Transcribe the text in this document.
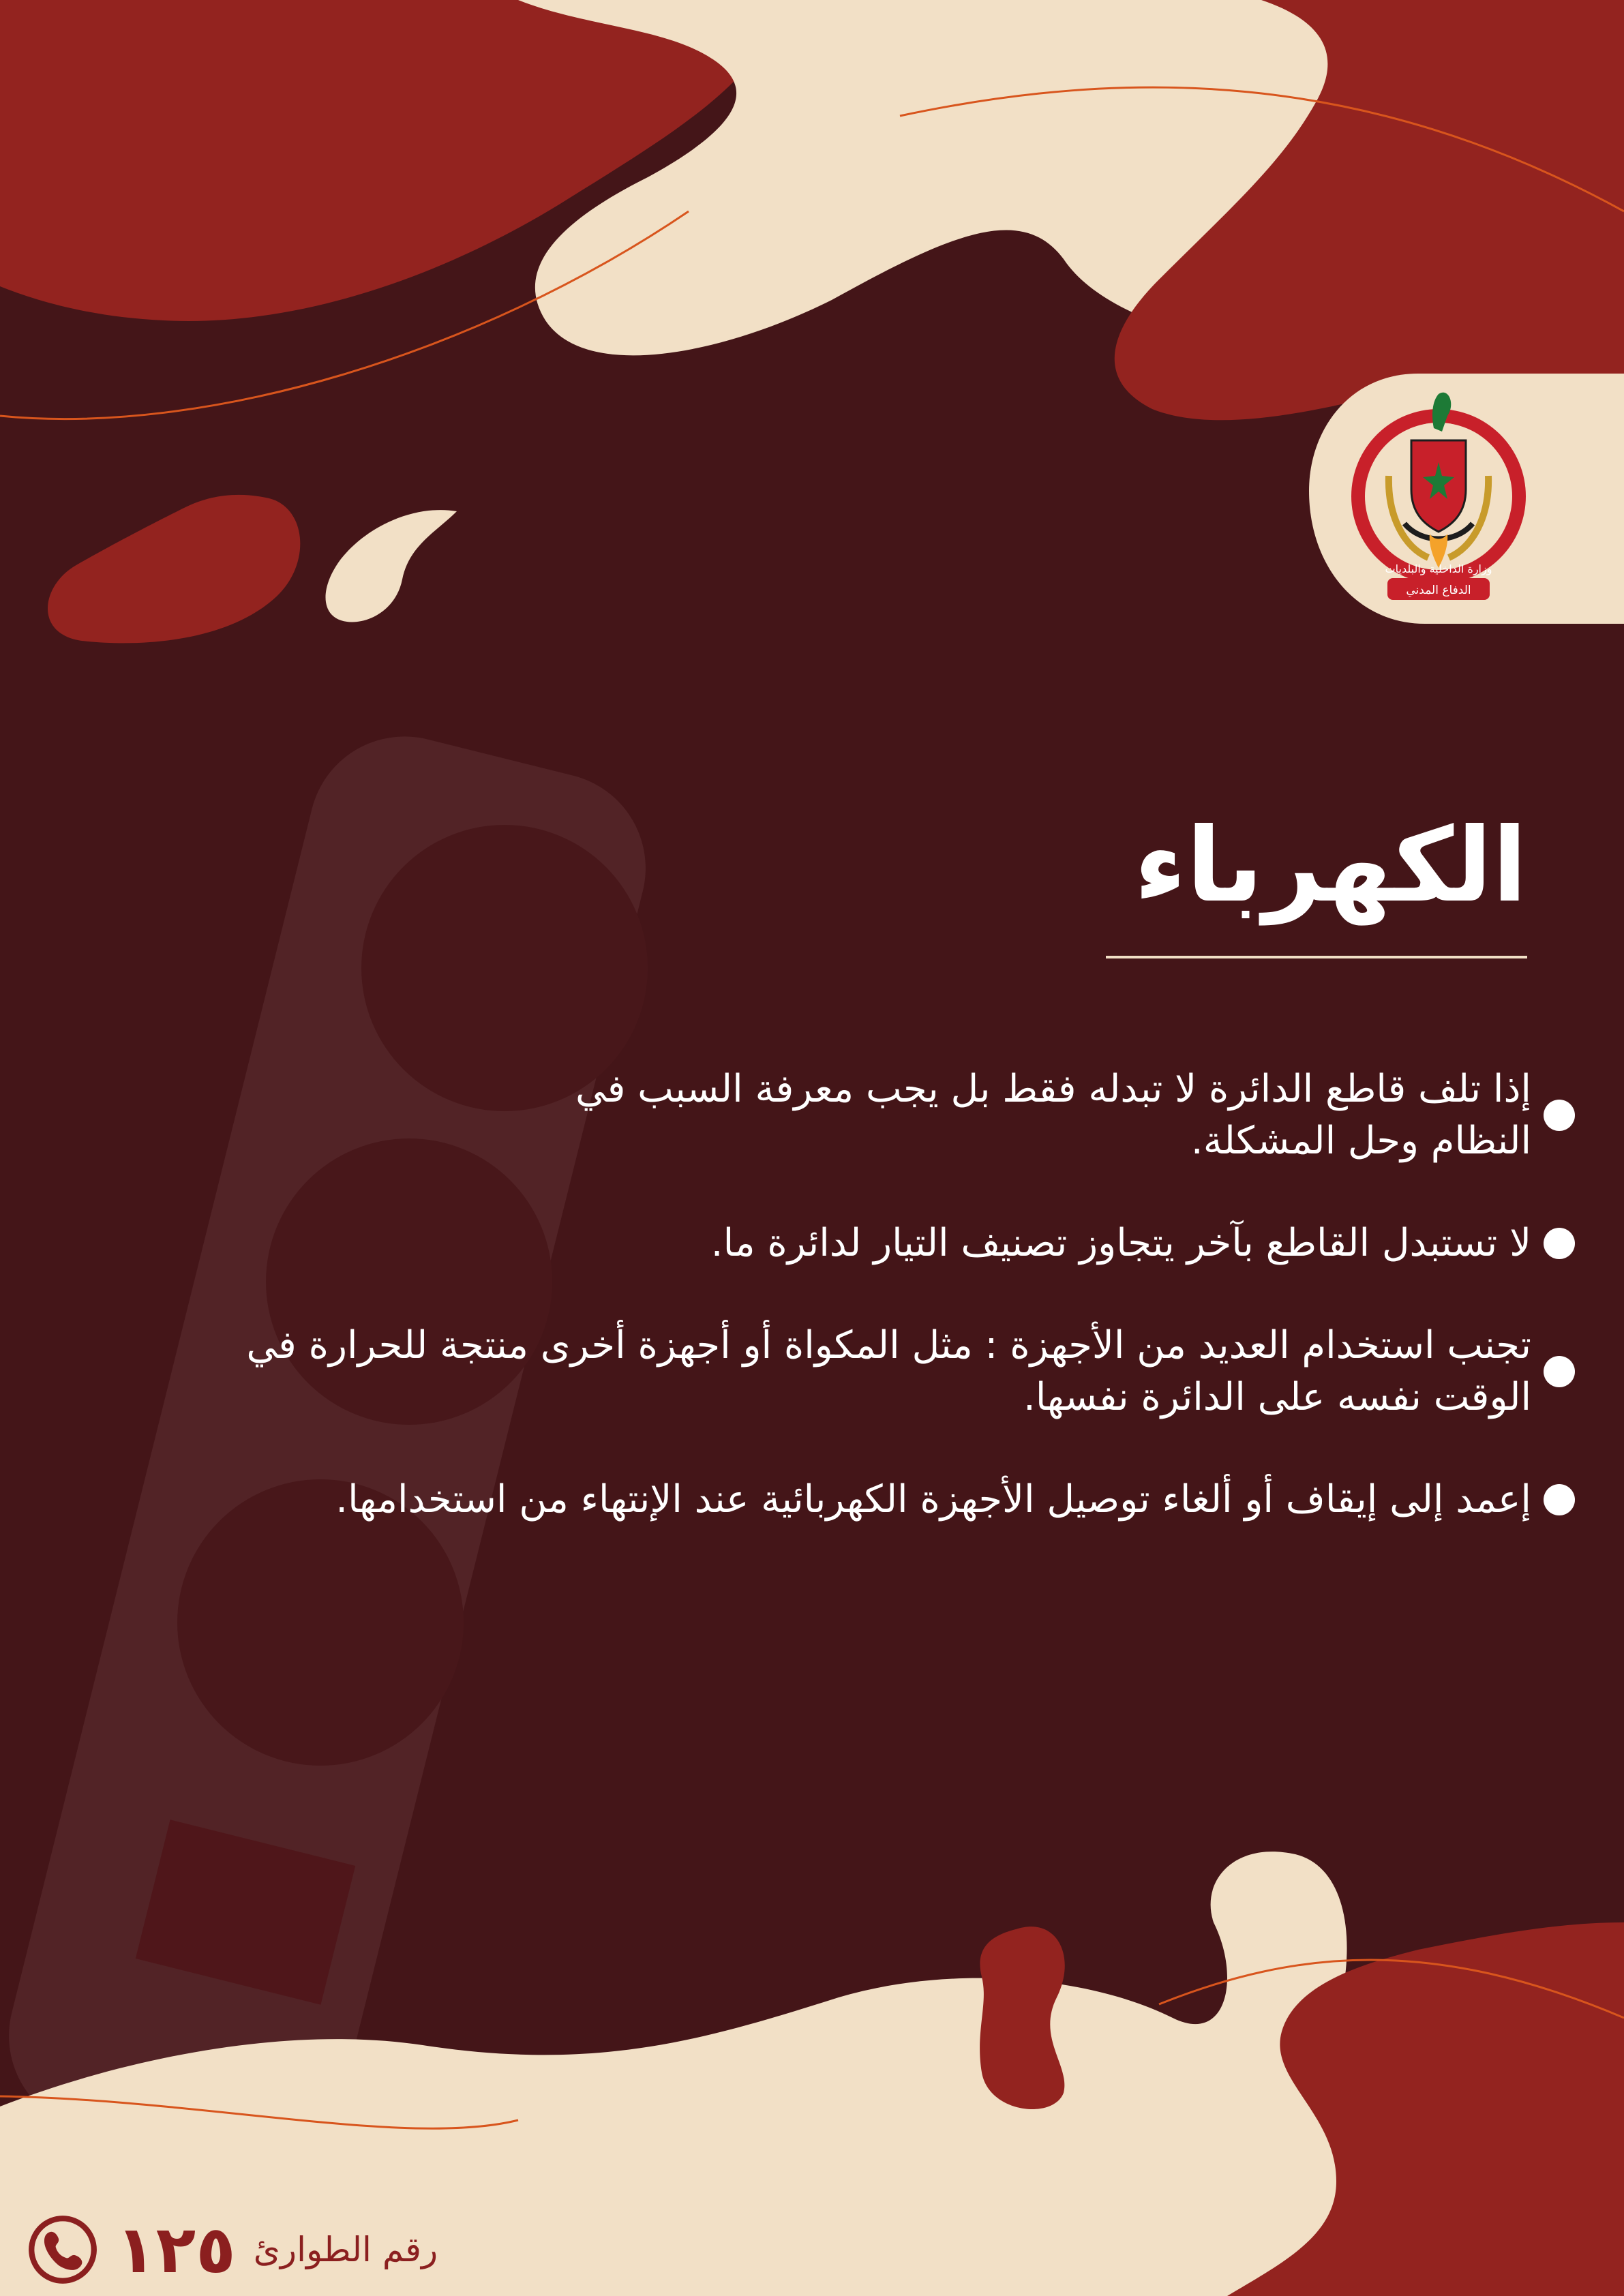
وزارة الداخلية والبلديات
الدفاع المدني
الكهرباء
إذا تلف قاطع الدائرة لا تبدله فقط بل يجب معرفة السبب في النظام وحل المشكلة.
لا تستبدل القاطع بآخر يتجاوز تصنيف التيار لدائرة ما.
تجنب استخدام العديد من الأجهزة : مثل المكواة أو أجهزة أخرى منتجة للحرارة في الوقت نفسه على الدائرة نفسها.
إعمد إلى إيقاف أو ألغاء توصيل الأجهزة الكهربائية عند الإنتهاء من استخدامها.
١٢٥ رقم الطوارئ
